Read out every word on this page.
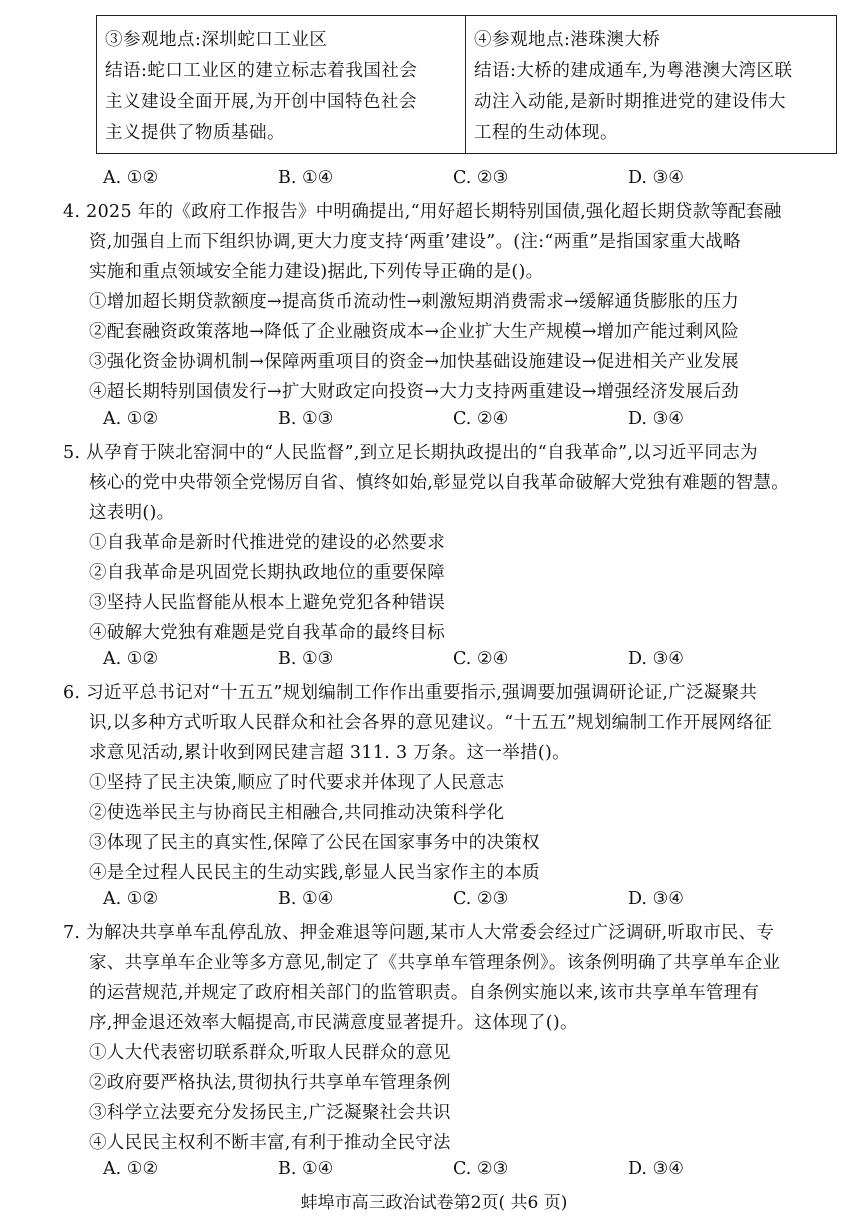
③参观地点:深圳蛇口工业区
结语:蛇口工业区的建立标志着我国社会
主义建设全面开展,为开创中国特色社会
主义提供了物质基础。
④参观地点:港珠澳大桥
结语:大桥的建成通车,为粤港澳大湾区联
动注入动能,是新时期推进党的建设伟大
工程的生动体现。
A. ①②	B. ①④	C. ②③	D. ③④
4. 2025 年的《政府工作报告》中明确提出,“用好超长期特别国债,强化超长期贷款等配套融
资,加强自上而下组织协调,更大力度支持‘两重’建设”。(注:“两重”是指国家重大战略
实施和重点领域安全能力建设)据此,下列传导正确的是()。
①增加超长期贷款额度→提高货币流动性→刺激短期消费需求→缓解通货膨胀的压力
②配套融资政策落地→降低了企业融资成本→企业扩大生产规模→增加产能过剩风险
③强化资金协调机制→保障两重项目的资金→加快基础设施建设→促进相关产业发展
④超长期特别国债发行→扩大财政定向投资→大力支持两重建设→增强经济发展后劲
A. ①②	B. ①③	C. ②④	D. ③④
5. 从孕育于陕北窑洞中的“人民监督”,到立足长期执政提出的“自我革命”,以习近平同志为
核心的党中央带领全党惕厉自省、慎终如始,彰显党以自我革命破解大党独有难题的智慧。
这表明()。
①自我革命是新时代推进党的建设的必然要求
②自我革命是巩固党长期执政地位的重要保障
③坚持人民监督能从根本上避免党犯各种错误
④破解大党独有难题是党自我革命的最终目标
A. ①②	B. ①③	C. ②④	D. ③④
6. 习近平总书记对“十五五”规划编制工作作出重要指示,强调要加强调研论证,广泛凝聚共
识,以多种方式听取人民群众和社会各界的意见建议。“十五五”规划编制工作开展网络征
求意见活动,累计收到网民建言超 311. 3 万条。这一举措()。
①坚持了民主决策,顺应了时代要求并体现了人民意志
②使选举民主与协商民主相融合,共同推动决策科学化
③体现了民主的真实性,保障了公民在国家事务中的决策权
④是全过程人民民主的生动实践,彰显人民当家作主的本质
A. ①②	B. ①④	C. ②③	D. ③④
7. 为解决共享单车乱停乱放、押金难退等问题,某市人大常委会经过广泛调研,听取市民、专
家、共享单车企业等多方意见,制定了《共享单车管理条例》。该条例明确了共享单车企业
的运营规范,并规定了政府相关部门的监管职责。自条例实施以来,该市共享单车管理有
序,押金退还效率大幅提高,市民满意度显著提升。这体现了()。
①人大代表密切联系群众,听取人民群众的意见
②政府要严格执法,贯彻执行共享单车管理条例
③科学立法要充分发扬民主,广泛凝聚社会共识
④人民民主权利不断丰富,有利于推动全民守法
A. ①②	B. ①④	C. ②③	D. ③④
蚌埠市高三政治试卷第2页( 共6 页)
